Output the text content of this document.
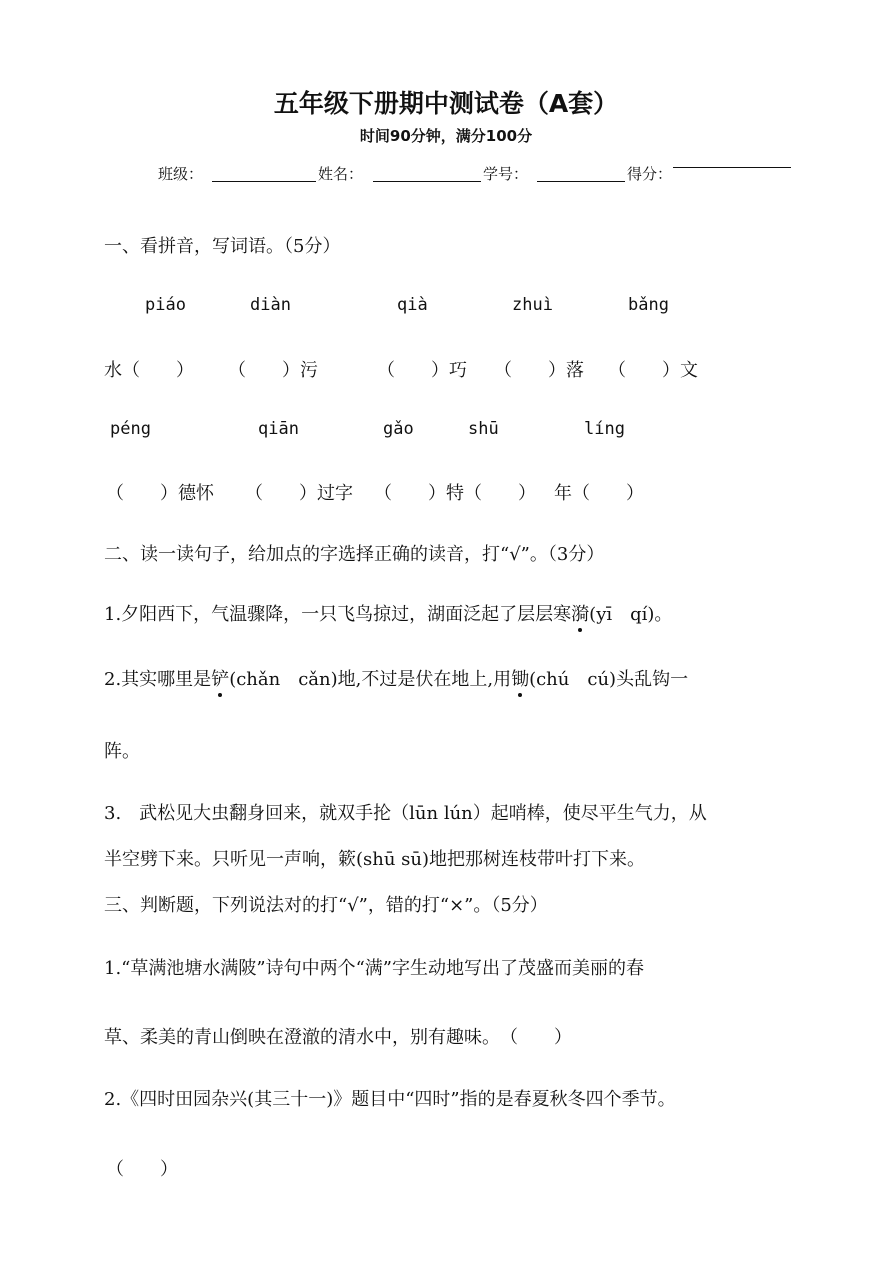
五年级下册期中测试卷（A套）
时间90分钟，满分100分
班级：	姓名：	学号：	得分：
一、看拼音，写词语。（5分）
piáo	diàn	qià	zhuì	bǎng
水（　　） （　　）污	（　　）巧 （　　）落 （　　）文
péng	qiān	gǎo	shū	líng
（　　）德怀 （　　）过字 （　　）特（　　） 年（　　）
二、读一读句子，给加点的字选择正确的读音，打“√”。（3分）
1.夕阳西下，气温骤降，一只飞鸟掠过，湖面泛起了层层寒漪(yī　qí)。
2.其实哪里是铲(chǎn　cǎn)地,不过是伏在地上,用锄(chú　cú)头乱钩一
阵。
3.　武松见大虫翻身回来，就双手抡（lūn lún）起哨棒，使尽平生气力，从
半空劈下来。只听见一声响，簌(shū sū)地把那树连枝带叶打下来。
三、判断题，下列说法对的打“√”，错的打“×”。（5分）
1.“草满池塘水满陂”诗句中两个“满”字生动地写出了茂盛而美丽的春
草、柔美的青山倒映在澄澈的清水中，别有趣味。　（　　）
2.《四时田园杂兴(其三十一)》题目中“四时”指的是春夏秋冬四个季节。
（　　）
